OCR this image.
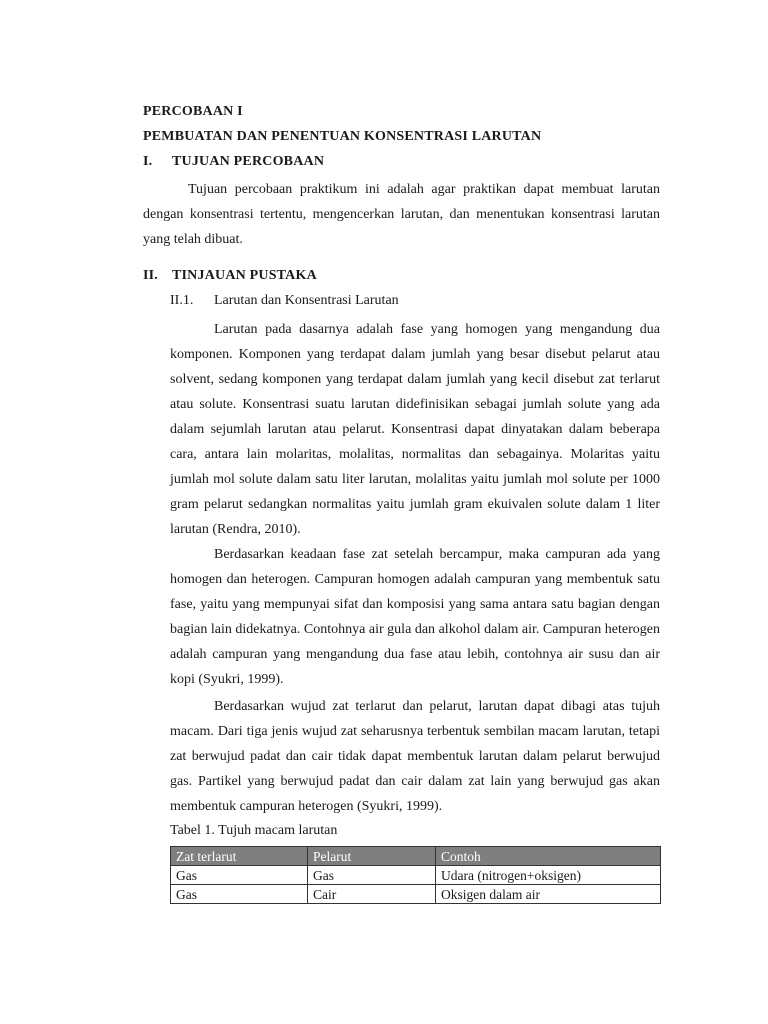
PERCOBAAN I
PEMBUATAN DAN PENENTUAN KONSENTRASI LARUTAN
I. TUJUAN PERCOBAAN

Tujuan percobaan praktikum ini adalah agar praktikan dapat membuat larutan dengan konsentrasi tertentu, mengencerkan larutan, dan menentukan konsentrasi larutan yang telah dibuat.

II. TINJAUAN PUSTAKA
II.1. Larutan dan Konsentrasi Larutan

Larutan pada dasarnya adalah fase yang homogen yang mengandung dua komponen. Komponen yang terdapat dalam jumlah yang besar disebut pelarut atau solvent, sedang komponen yang terdapat dalam jumlah yang kecil disebut zat terlarut atau solute. Konsentrasi suatu larutan didefinisikan sebagai jumlah solute yang ada dalam sejumlah larutan atau pelarut. Konsentrasi dapat dinyatakan dalam beberapa cara, antara lain molaritas, molalitas, normalitas dan sebagainya. Molaritas yaitu jumlah mol solute dalam satu liter larutan, molalitas yaitu jumlah mol solute per 1000 gram pelarut sedangkan normalitas yaitu jumlah gram ekuivalen solute dalam 1 liter larutan (Rendra, 2010).

Berdasarkan keadaan fase zat setelah bercampur, maka campuran ada yang homogen dan heterogen. Campuran homogen adalah campuran yang membentuk satu fase, yaitu yang mempunyai sifat dan komposisi yang sama antara satu bagian dengan bagian lain didekatnya. Contohnya air gula dan alkohol dalam air. Campuran heterogen adalah campuran yang mengandung dua fase atau lebih, contohnya air susu dan air kopi (Syukri, 1999).

Berdasarkan wujud zat terlarut dan pelarut, larutan dapat dibagi atas tujuh macam. Dari tiga jenis wujud zat seharusnya terbentuk sembilan macam larutan, tetapi zat berwujud padat dan cair tidak dapat membentuk larutan dalam pelarut berwujud gas. Partikel yang berwujud padat dan cair dalam zat lain yang berwujud gas akan membentuk campuran heterogen (Syukri, 1999).

Tabel 1. Tujuh macam larutan
Zat terlarut	Pelarut	Contoh
Gas	Gas	Udara (nitrogen+oksigen)
Gas	Cair	Oksigen dalam air
